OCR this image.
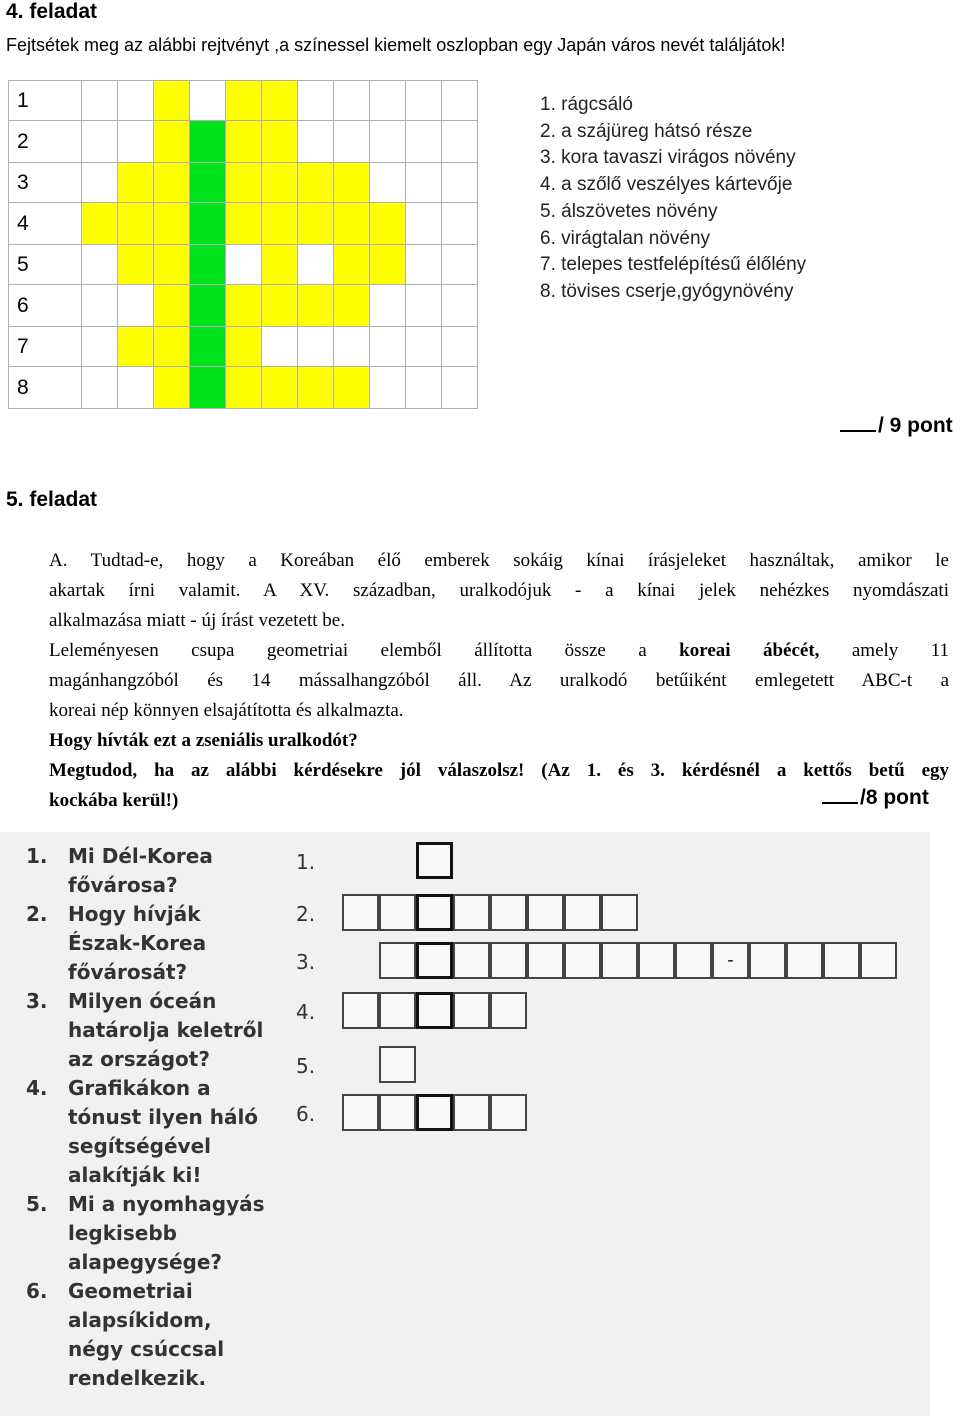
4. feladat
Fejtsétek meg az alábbi rejtvényt ,a színessel kiemelt oszlopban egy Japán város nevét találjátok!
1											
2											
3											
4											
5											
6											
7											
8											
1. rágcsáló
2. a szájüreg hátsó része
3. kora tavaszi virágos növény
4. a szőlő veszélyes kártevője
5. álszövetes növény
6. virágtalan növény
7. telepes testfelépítésű élőlény
8. tövises cserje,gyógynövény
/ 9 pont
5. feladat

A. Tudtad-e, hogy a Koreában élő emberek sokáig kínai írásjeleket használtak, amikor le

akartak írni valamit. A XV. században, uralkodójuk - a kínai jelek nehézkes nyomdászati

alkalmazása miatt - új írást vezetett be.

Leleményesen csupa geometriai elemből állította össze a koreai ábécét, amely 11

magánhangzóból és 14 mássalhangzóból áll. Az uralkodó betűiként emlegetett ABC-t a

koreai nép könnyen elsajátította és alkalmazta.

Hogy hívták ezt a zseniális uralkodót?

Megtudod, ha az alábbi kérdésekre jól válaszolsz! (Az 1. és 3. kérdésnél a kettős betű egy

kockába kerül!)	/8 pont
1.	Mi Dél-Korea fővárosa?
2.	Hogy hívják Észak-Korea fővárosát?
3.	Milyen óceán határolja keletről az országot?
4.	Grafikákon a tónust ilyen háló segítségével alakítják ki!
5.	Mi a nyomhagyás legkisebb alapegysége?
6.	Geometriai alapsíkidom, négy csúccsal rendelkezik.
1.
2.
3.	-
4.
5.
6.
